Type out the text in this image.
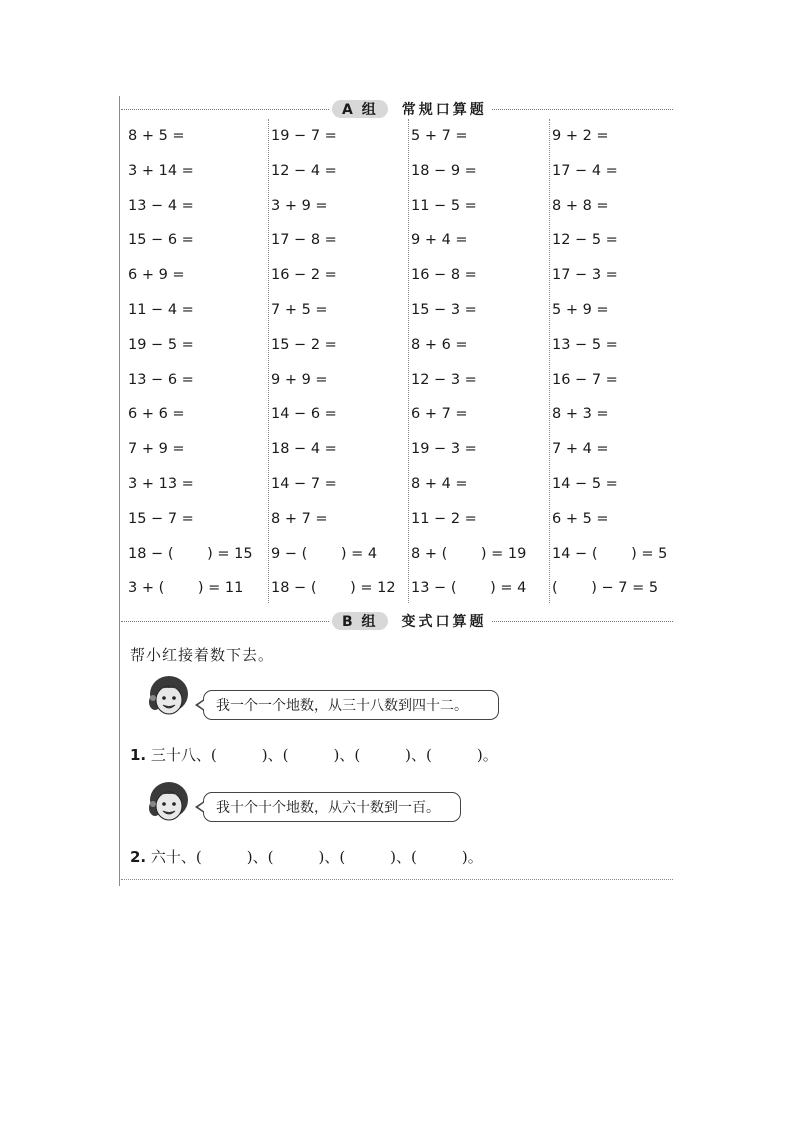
A 组	常规口算题
8 + 5 =
3 + 14 =
13 − 4 =
15 − 6 =
6 + 9 =
11 − 4 =
19 − 5 =
13 − 6 =
6 + 6 =
7 + 9 =
3 + 13 =
15 − 7 =
18 − (　　 ) = 15
3 + (　　 ) = 11
19 − 7 =
12 − 4 =
3 + 9 =
17 − 8 =
16 − 2 =
7 + 5 =
15 − 2 =
9 + 9 =
14 − 6 =
18 − 4 =
14 − 7 =
8 + 7 =
9 − (　　 ) = 4
18 − (　　 ) = 12
5 + 7 =
18 − 9 =
11 − 5 =
9 + 4 =
16 − 8 =
15 − 3 =
8 + 6 =
12 − 3 =
6 + 7 =
19 − 3 =
8 + 4 =
11 − 2 =
8 + (　　 ) = 19
13 − (　　 ) = 4
9 + 2 =
17 − 4 =
8 + 8 =
12 − 5 =
17 − 3 =
5 + 9 =
13 − 5 =
16 − 7 =
8 + 3 =
7 + 4 =
14 − 5 =
6 + 5 =
14 − (　　 ) = 5
(　　 ) − 7 = 5
B 组	变式口算题
帮小红接着数下去。
我一个一个地数，从三十八数到四十二。
1. 三十八、(　　　)、(　　　)、(　　　)、(　　　)。
我十个十个地数，从六十数到一百。
2. 六十、(　　　)、(　　　)、(　　　)、(　　　)。
